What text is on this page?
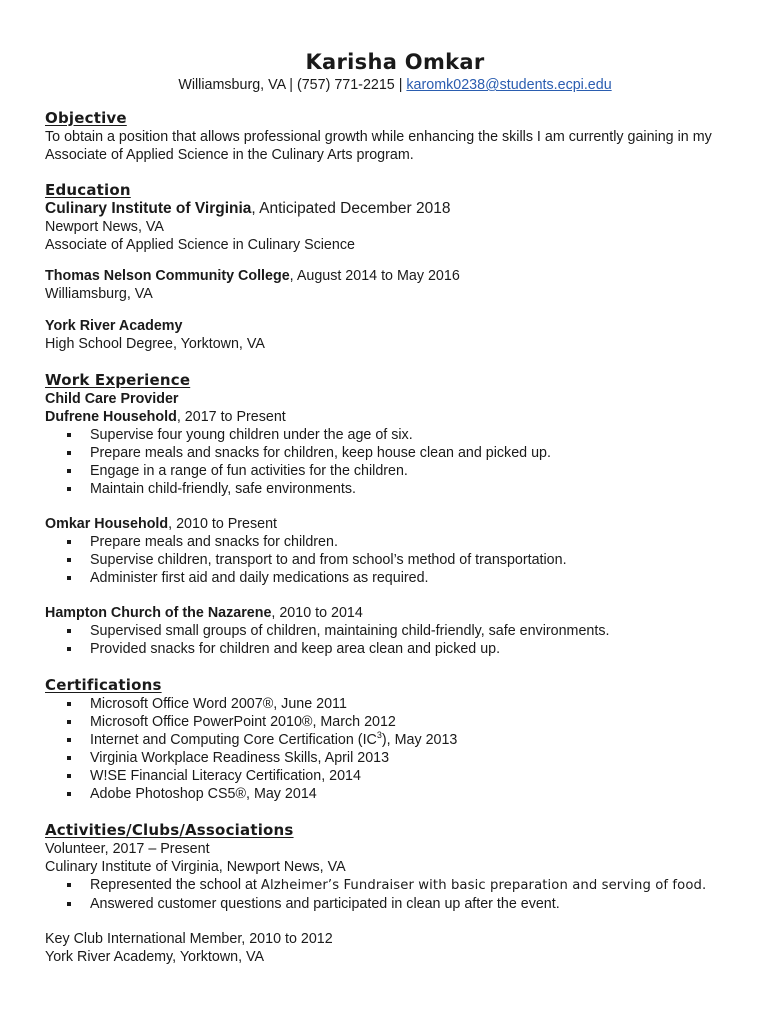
Karisha Omkar
Williamsburg, VA | (757) 771-2215 | karomk0238@students.ecpi.edu
Objective
To obtain a position that allows professional growth while enhancing the skills I am currently gaining in my Associate of Applied Science in the Culinary Arts program.
Education
Culinary Institute of Virginia, Anticipated December 2018
Newport News, VA
Associate of Applied Science in Culinary Science
Thomas Nelson Community College, August 2014 to May 2016
Williamsburg, VA
York River Academy
High School Degree, Yorktown, VA
Work Experience
Child Care Provider
Dufrene Household, 2017 to Present
Supervise four young children under the age of six.
Prepare meals and snacks for children, keep house clean and picked up.
Engage in a range of fun activities for the children.
Maintain child-friendly, safe environments.
Omkar Household, 2010 to Present
Prepare meals and snacks for children.
Supervise children, transport to and from school’s method of transportation.
Administer first aid and daily medications as required.
Hampton Church of the Nazarene, 2010 to 2014
Supervised small groups of children, maintaining child-friendly, safe environments.
Provided snacks for children and keep area clean and picked up.
Certifications
Microsoft Office Word 2007®, June 2011
Microsoft Office PowerPoint 2010®, March 2012
Internet and Computing Core Certification $(IC^3)$, May 2013
Virginia Workplace Readiness Skills, April 2013
W!SE Financial Literacy Certification, 2014
Adobe Photoshop CS5®, May 2014
Activities/Clubs/Associations
Volunteer, 2017 – Present
Culinary Institute of Virginia, Newport News, VA
Represented the school at Alzheimer’s Fundraiser with basic preparation and serving of food.
Answered customer questions and participated in clean up after the event.
Key Club International Member, 2010 to 2012
York River Academy, Yorktown, VA
